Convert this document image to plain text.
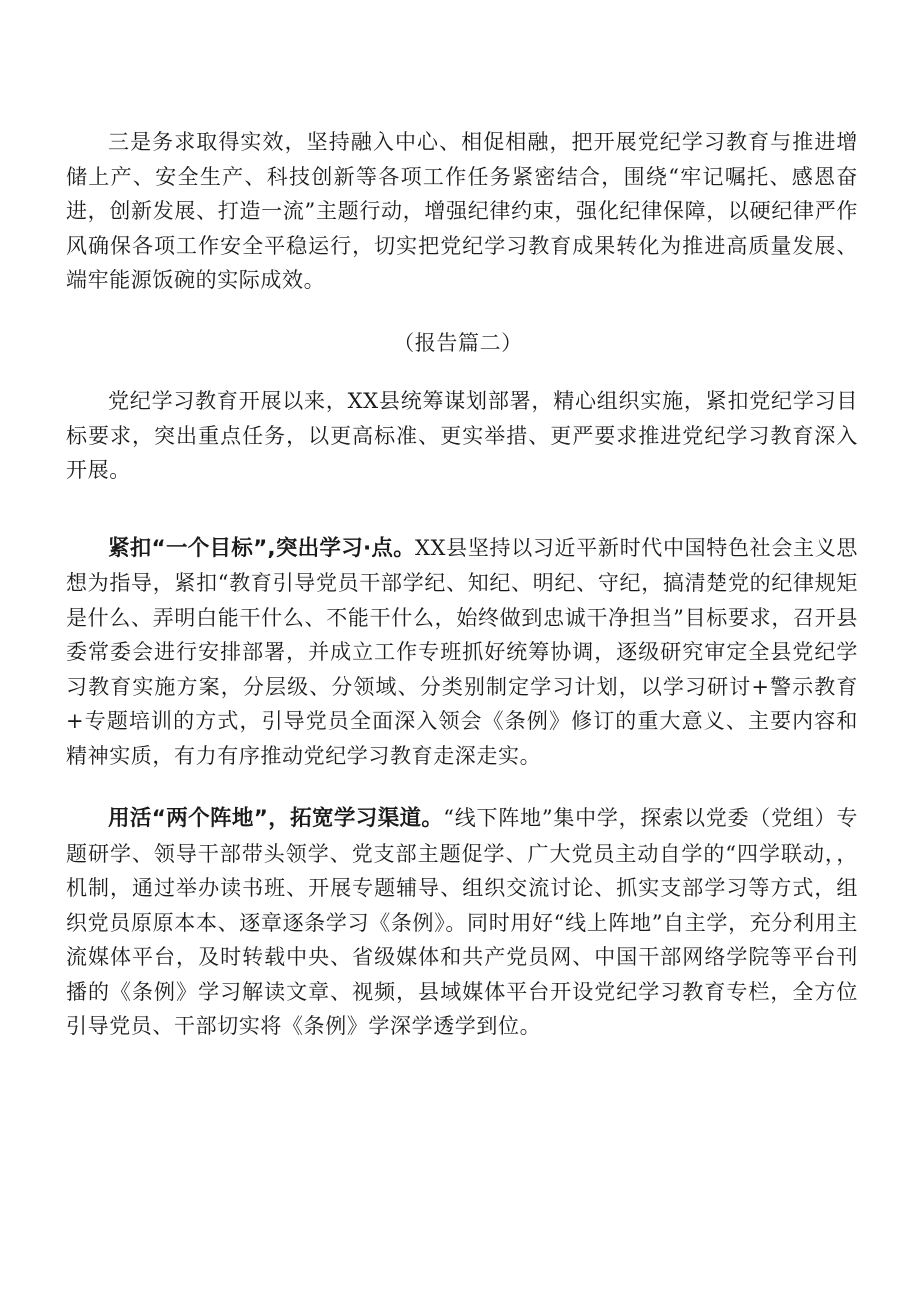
三是务求取得实效，坚持融入中心、相促相融，把开展党纪学习教育与推进增储上产、安全生产、科技创新等各项工作任务紧密结合，围绕“牢记嘱托、感恩奋进，创新发展、打造一流”主题行动，增强纪律约束，强化纪律保障，以硬纪律严作风确保各项工作安全平稳运行，切实把党纪学习教育成果转化为推进高质量发展、端牢能源饭碗的实际成效。

（报告篇二）

党纪学习教育开展以来，XX县统筹谋划部署，精心组织实施，紧扣党纪学习目标要求，突出重点任务，以更高标准、更实举措、更严要求推进党纪学习教育深入开展。

紧扣“一个目标”,突出学习·点。XX县坚持以习近平新时代中国特色社会主义思想为指导，紧扣“教育引导党员干部学纪、知纪、明纪、守纪，搞清楚党的纪律规矩是什么、弄明白能干什么、不能干什么，始终做到忠诚干净担当”目标要求，召开县委常委会进行安排部署，并成立工作专班抓好统筹协调，逐级研究审定全县党纪学习教育实施方案，分层级、分领域、分类别制定学习计划，以学习研讨+警示教育+专题培训的方式，引导党员全面深入领会《条例》修订的重大意义、主要内容和精神实质，有力有序推动党纪学习教育走深走实。

用活“两个阵地”，拓宽学习渠道。“线下阵地”集中学，探索以党委（党组）专题研学、领导干部带头领学、党支部主题促学、广大党员主动自学的“四学联动，，机制，通过举办读书班、开展专题辅导、组织交流讨论、抓实支部学习等方式，组织党员原原本本、逐章逐条学习《条例》。同时用好“线上阵地”自主学，充分利用主流媒体平台，及时转载中央、省级媒体和共产党员网、中国干部网络学院等平台刊播的《条例》学习解读文章、视频，县域媒体平台开设党纪学习教育专栏，全方位引导党员、干部切实将《条例》学深学透学到位。
